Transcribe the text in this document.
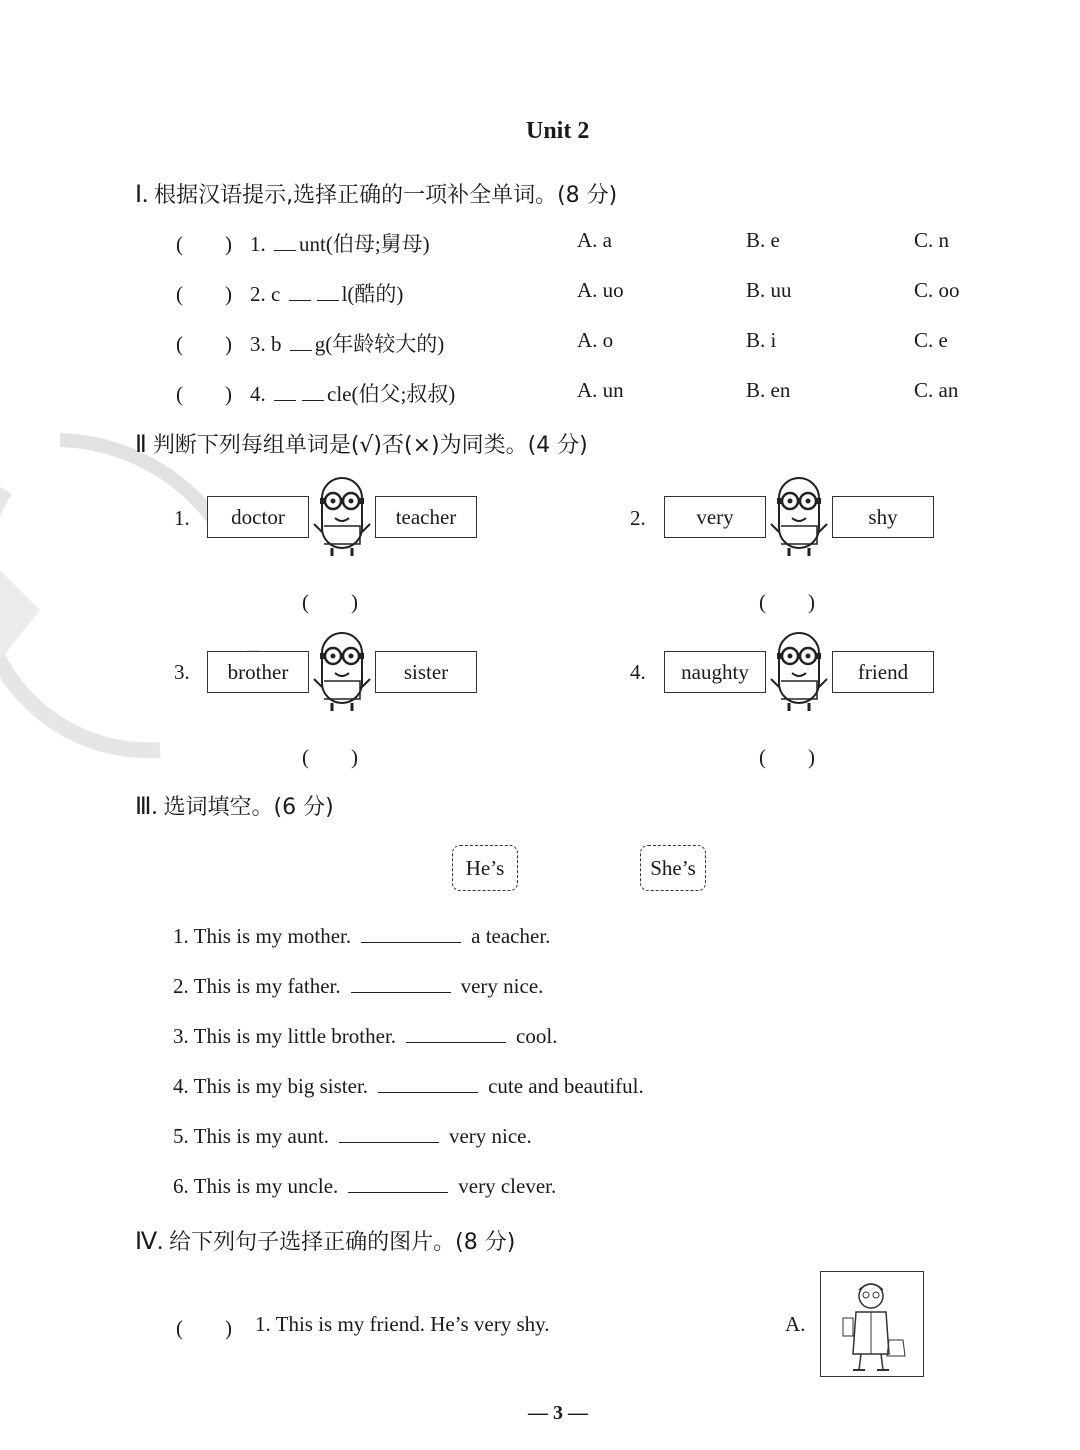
Unit 2
Ⅰ. 根据汉语提示,选择正确的一项补全单词。(8 分)
(　　) 1. unt(伯母;舅母)	A. a	B. e	C. n
(　　) 2. c	l(酷的)	A. uo	B. uu	C. oo
(　　) 3. b g(年龄较大的)	A. o	B. i	C. e
(　　) 4.	cle(伯父;叔叔)	A. un	B. en	C. an
Ⅱ 判断下列每组单词是(√)否(×)为同类。(4 分)
1.	doctor	teacher
(　　)
2.	very	shy
(　　)
3.	brother	sister
(　　)
4.	naughty	friend
(　　)
Ⅲ. 选词填空。(6 分)
He’s	She’s
1. This is my mother.	a teacher.
2. This is my father.	very nice.
3. This is my little brother.	cool.
4. This is my big sister.	cute and beautiful.
5. This is my aunt.	very nice.
6. This is my uncle.	very clever.
Ⅳ. 给下列句子选择正确的图片。(8 分)
(　　) 1. This is my friend. He’s very shy.	A.
— 3 —
